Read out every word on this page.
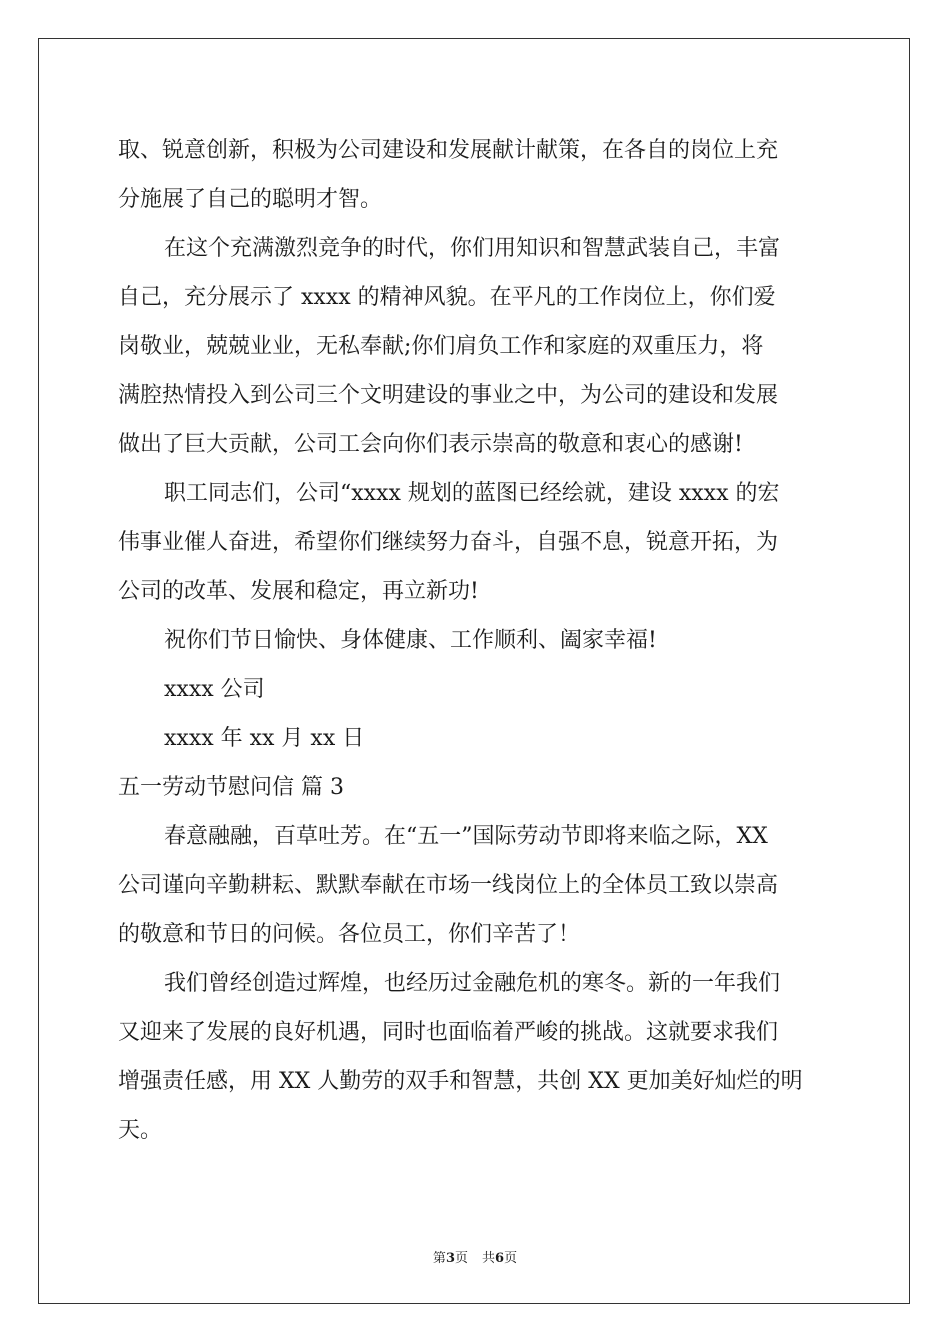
取、锐意创新，积极为公司建设和发展献计献策，在各自的岗位上充
分施展了自己的聪明才智。
在这个充满激烈竞争的时代，你们用知识和智慧武装自己，丰富
自己，充分展示了 xxxx 的精神风貌。在平凡的工作岗位上，你们爱
岗敬业，兢兢业业，无私奉献;你们肩负工作和家庭的双重压力，将
满腔热情投入到公司三个文明建设的事业之中，为公司的建设和发展
做出了巨大贡献，公司工会向你们表示崇高的敬意和衷心的感谢!
职工同志们，公司“xxxx 规划的蓝图已经绘就，建设 xxxx 的宏
伟事业催人奋进，希望你们继续努力奋斗，自强不息，锐意开拓，为
公司的改革、发展和稳定，再立新功!
祝你们节日愉快、身体健康、工作顺利、阖家幸福!
xxxx 公司
xxxx 年 xx 月 xx 日
五一劳动节慰问信 篇 3
春意融融，百草吐芳。在“五一”国际劳动节即将来临之际，XX
公司谨向辛勤耕耘、默默奉献在市场一线岗位上的全体员工致以崇高
的敬意和节日的问候。各位员工，你们辛苦了！
我们曾经创造过辉煌，也经历过金融危机的寒冬。新的一年我们
又迎来了发展的良好机遇，同时也面临着严峻的挑战。这就要求我们
增强责任感，用 XX 人勤劳的双手和智慧，共创 XX 更加美好灿烂的明
天。
第3页 共6页
